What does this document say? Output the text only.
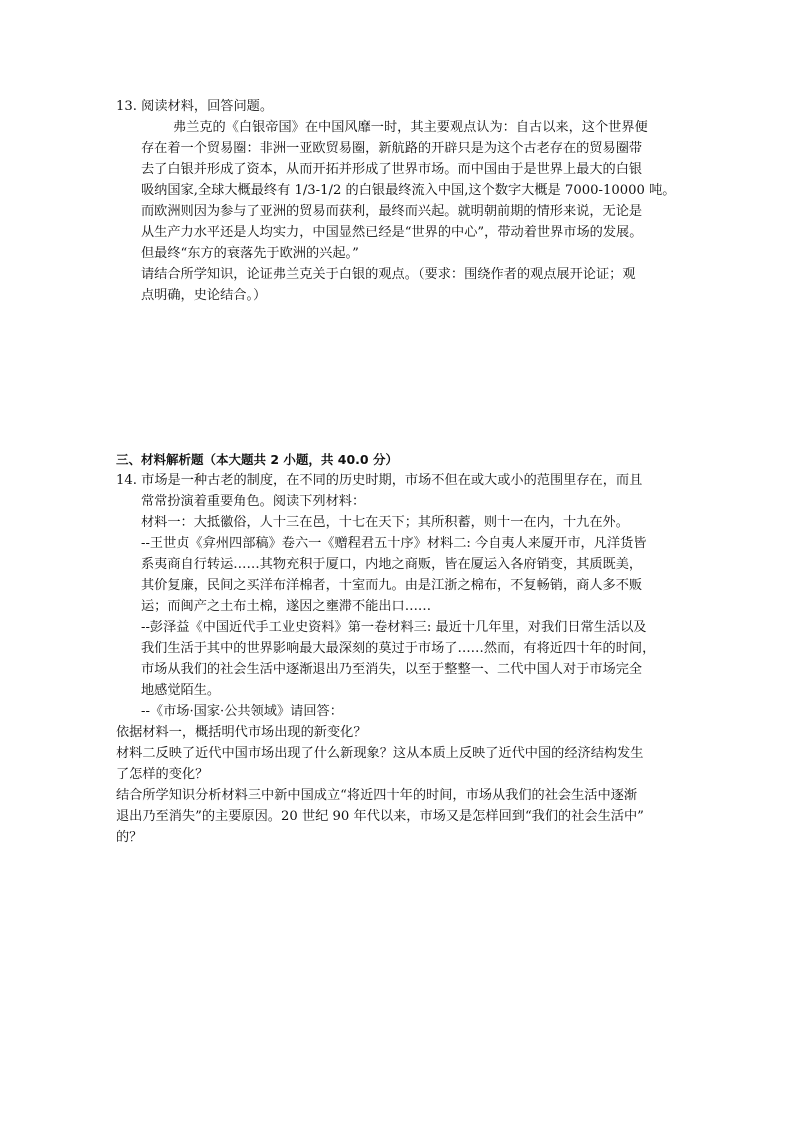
13. 阅读材料，回答问题。
弗兰克的《白银帝国》在中国风靡一时，其主要观点认为：自古以来，这个世界便
存在着一个贸易圈：非洲一亚欧贸易圈，新航路的开辟只是为这个古老存在的贸易圈带
去了白银并形成了资本，从而开拓并形成了世界市场。而中国由于是世界上最大的白银
吸纳国家,全球大概最终有 1/3-1/2 的白银最终流入中国,这个数字大概是 7000-10000 吨。
而欧洲则因为参与了亚洲的贸易而获利，最终而兴起。就明朝前期的情形来说，无论是
从生产力水平还是人均实力，中国显然已经是“世界的中心”，带动着世界市场的发展。
但最终“东方的衰落先于欧洲的兴起。”
请结合所学知识，论证弗兰克关于白银的观点。（要求：围绕作者的观点展开论证；观
点明确，史论结合。）
三、材料解析题（本大题共 2 小题，共 40.0 分）
14. 市场是一种古老的制度，在不同的历史时期，市场不但在或大或小的范围里存在，而且
常常扮演着重要角色。阅读下列材料：
材料一：大抵徽俗，人十三在邑，十七在天下；其所积蓄，则十一在内，十九在外。
--王世贞《弇州四部稿》卷六一《赠程君五十序》材料二: 今自夷人来厦开市，凡洋货皆
系夷商自行转运……其物充积于厦口，内地之商贩，皆在厦运入各府销变，其质既美，
其价复廉，民间之买洋布洋棉者，十室而九。由是江浙之棉布，不复畅销，商人多不贩
运；而闽产之土布土棉，遂因之壅滞不能出口……
--彭泽益《中国近代手工业史资料》第一卷材料三: 最近十几年里，对我们日常生活以及
我们生活于其中的世界影响最大最深刻的莫过于市场了……然而，有将近四十年的时间，
市场从我们的社会生活中逐渐退出乃至消失，以至于整整一、二代中国人对于市场完全
地感觉陌生。
--《市场·国家·公共领域》请回答：
依据材料一，概括明代市场出现的新变化？
材料二反映了近代中国市场出现了什么新现象？这从本质上反映了近代中国的经济结构发生
了怎样的变化？
结合所学知识分析材料三中新中国成立“将近四十年的时间，市场从我们的社会生活中逐渐
退出乃至消失”的主要原因。20 世纪 90 年代以来，市场又是怎样回到“我们的社会生活中”
的？
